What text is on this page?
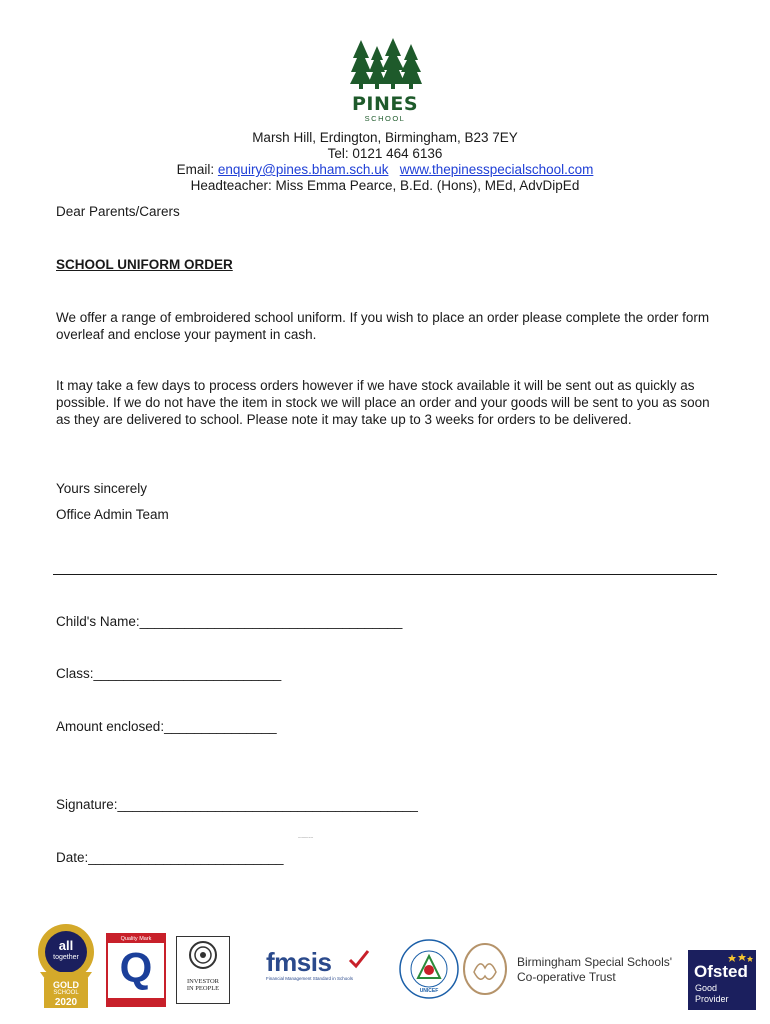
PINES
SCHOOL
Marsh Hill, Erdington, Birmingham, B23 7EY
Tel: 0121 464 6136
Email: enquiry@pines.bham.sch.uk www.thepinesspecialschool.com
Headteacher: Miss Emma Pearce, B.Ed. (Hons), MEd, AdvDipEd
Dear Parents/Carers
SCHOOL UNIFORM ORDER
We offer a range of embroidered school uniform. If you wish to place an order please complete the order form overleaf and enclose your payment in cash.
It may take a few days to process orders however if we have stock available it will be sent out as quickly as possible. If we do not have the item in stock we will place an order and your goods will be sent to you as soon as they are delivered to school. Please note it may take up to 3 weeks for orders to be delivered.
Yours sincerely
Office Admin Team
Child's Name:___________________________________
Class:_________________________
Amount enclosed:_______________
Signature:________________________________________
Date:__________________________
all
together
GOLD
SCHOOL
2020
Quality Mark
Q	INVESTOR
IN PEOPLE
fmsis
Financial Management Standard in Schools
RIGHTS RESPECTING SCHOOL
UNICEF
Birmingham Special Schools'
Co-operative Trust	Ofsted
Good
Provider
